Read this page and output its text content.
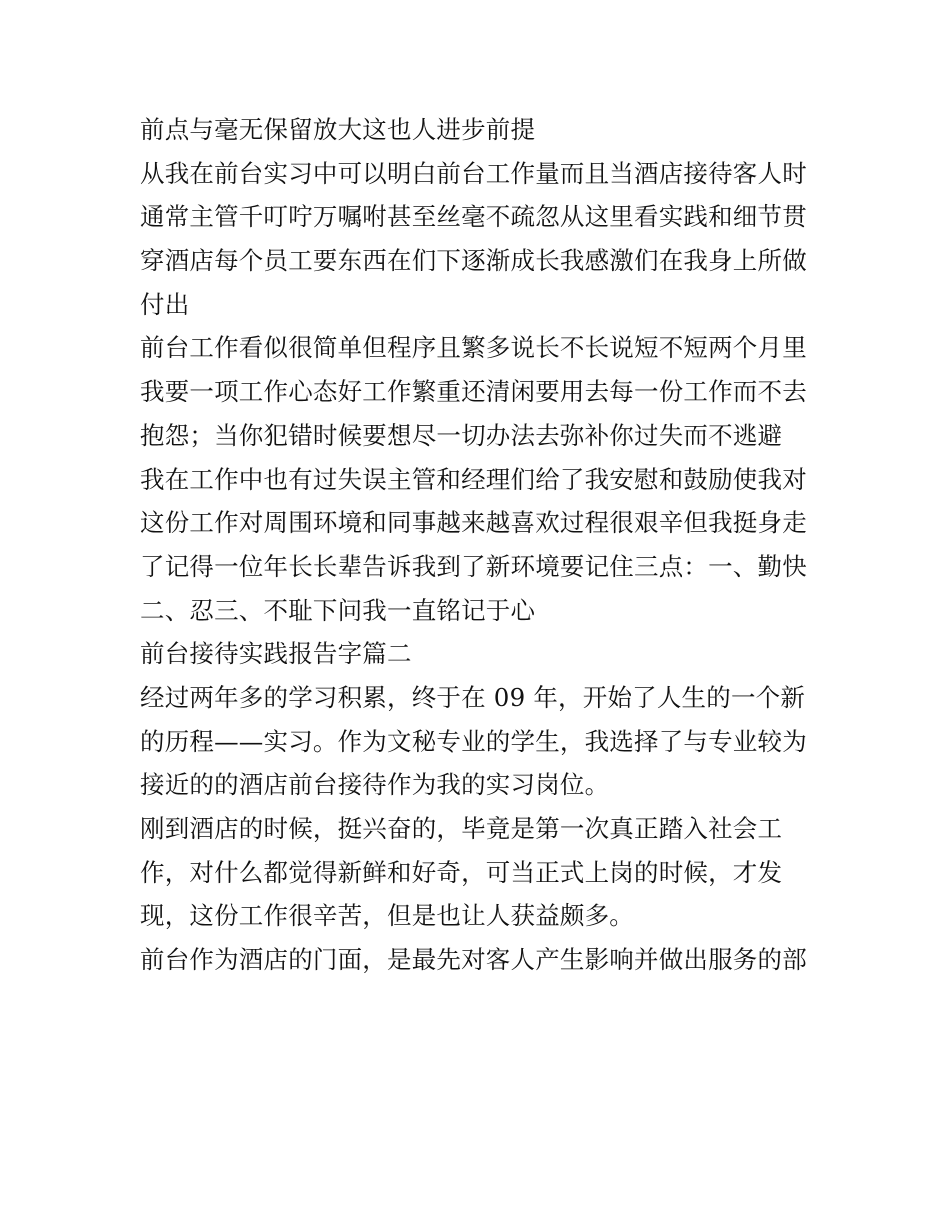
前点与毫无保留放大这也人进步前提
从我在前台实习中可以明白前台工作量而且当酒店接待客人时
通常主管千叮咛万嘱咐甚至丝毫不疏忽从这里看实践和细节贯
穿酒店每个员工要东西在们下逐渐成长我感激们在我身上所做
付出
前台工作看似很简单但程序且繁多说长不长说短不短两个月里
我要一项工作心态好工作繁重还清闲要用去每一份工作而不去
抱怨；当你犯错时候要想尽一切办法去弥补你过失而不逃避
我在工作中也有过失误主管和经理们给了我安慰和鼓励使我对
这份工作对周围环境和同事越来越喜欢过程很艰辛但我挺身走
了记得一位年长长辈告诉我到了新环境要记住三点：一、勤快
二、忍三、不耻下问我一直铭记于心
前台接待实践报告字篇二
经过两年多的学习积累，终于在 09 年，开始了人生的一个新
的历程——实习。作为文秘专业的学生，我选择了与专业较为
接近的的酒店前台接待作为我的实习岗位。
刚到酒店的时候，挺兴奋的，毕竟是第一次真正踏入社会工
作，对什么都觉得新鲜和好奇，可当正式上岗的时候，才发
现，这份工作很辛苦，但是也让人获益颇多。
前台作为酒店的门面，是最先对客人产生影响并做出服务的部
